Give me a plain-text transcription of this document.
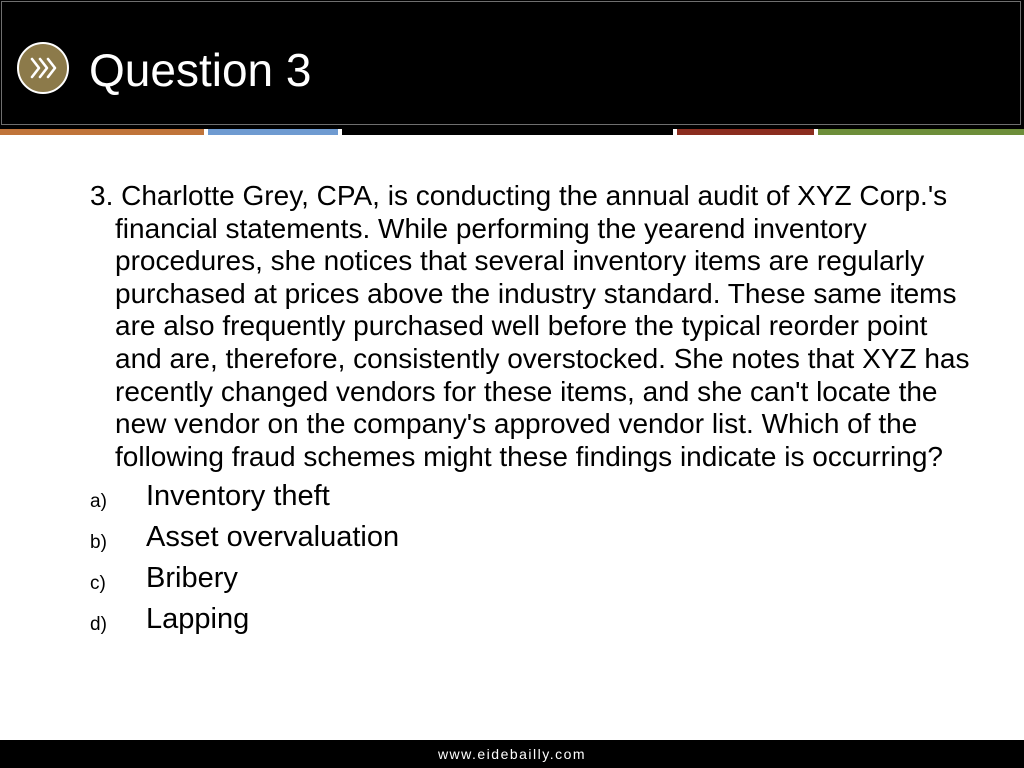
Question 3

3. Charlotte Grey, CPA, is conducting the annual audit of XYZ Corp.'s financial statements. While performing the yearend inventory procedures, she notices that several inventory items are regularly purchased at prices above the industry standard. These same items are also frequently purchased well before the typical reorder point and are, therefore, consistently overstocked. She notes that XYZ has recently changed vendors for these items, and she can't locate the new vendor on the company's approved vendor list. Which of the following fraud schemes might these findings indicate is occurring?

a) Inventory theft
b) Asset overvaluation
c) Bribery
d) Lapping
www.eidebailly.com
